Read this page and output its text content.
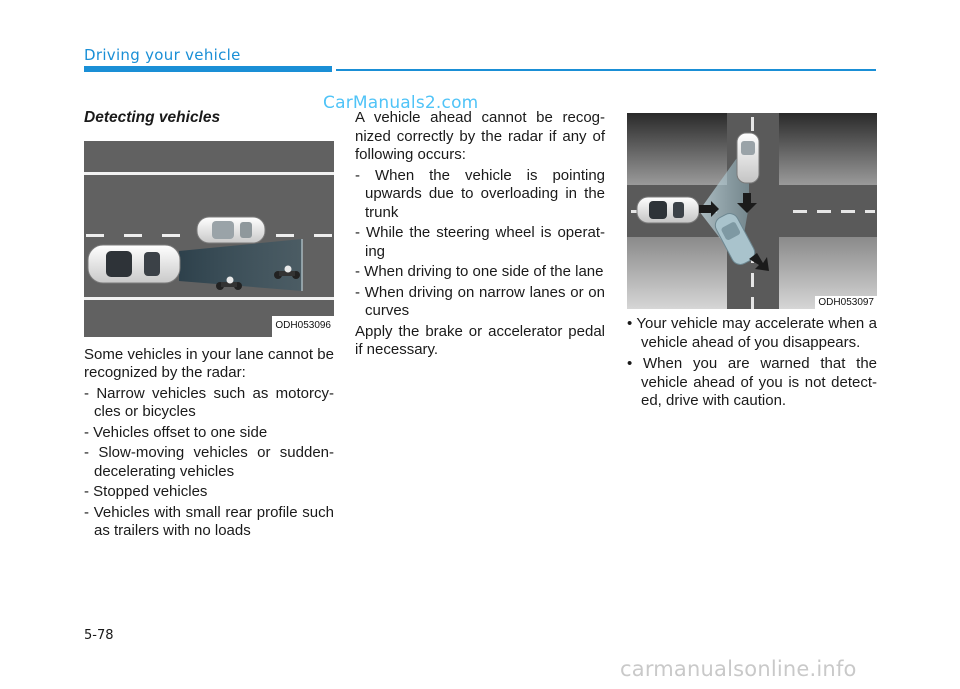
Driving your vehicle
CarManuals2.com
Detecting vehicles
ODH053096
Some vehicles in your lane cannot be recognized by the radar:
- Narrow vehicles such as motorcy-cles or bicycles
- Vehicles offset to one side
- Slow-moving vehicles or sudden-decelerating vehicles
- Stopped vehicles
- Vehicles with small rear profile such as trailers with no loads
A vehicle ahead cannot be recog-nized correctly by the radar if any of following occurs:
- When the vehicle is pointing upwards due to overloading in the trunk
- While the steering wheel is operat-ing
- When driving to one side of the lane
- When driving on narrow lanes or on curves
Apply the brake or accelerator pedal if necessary.
ODH053097
• Your vehicle may accelerate when a vehicle ahead of you disappears.
• When you are warned that the vehicle ahead of you is not detect-ed, drive with caution.
5-78
carmanualsonline.info
